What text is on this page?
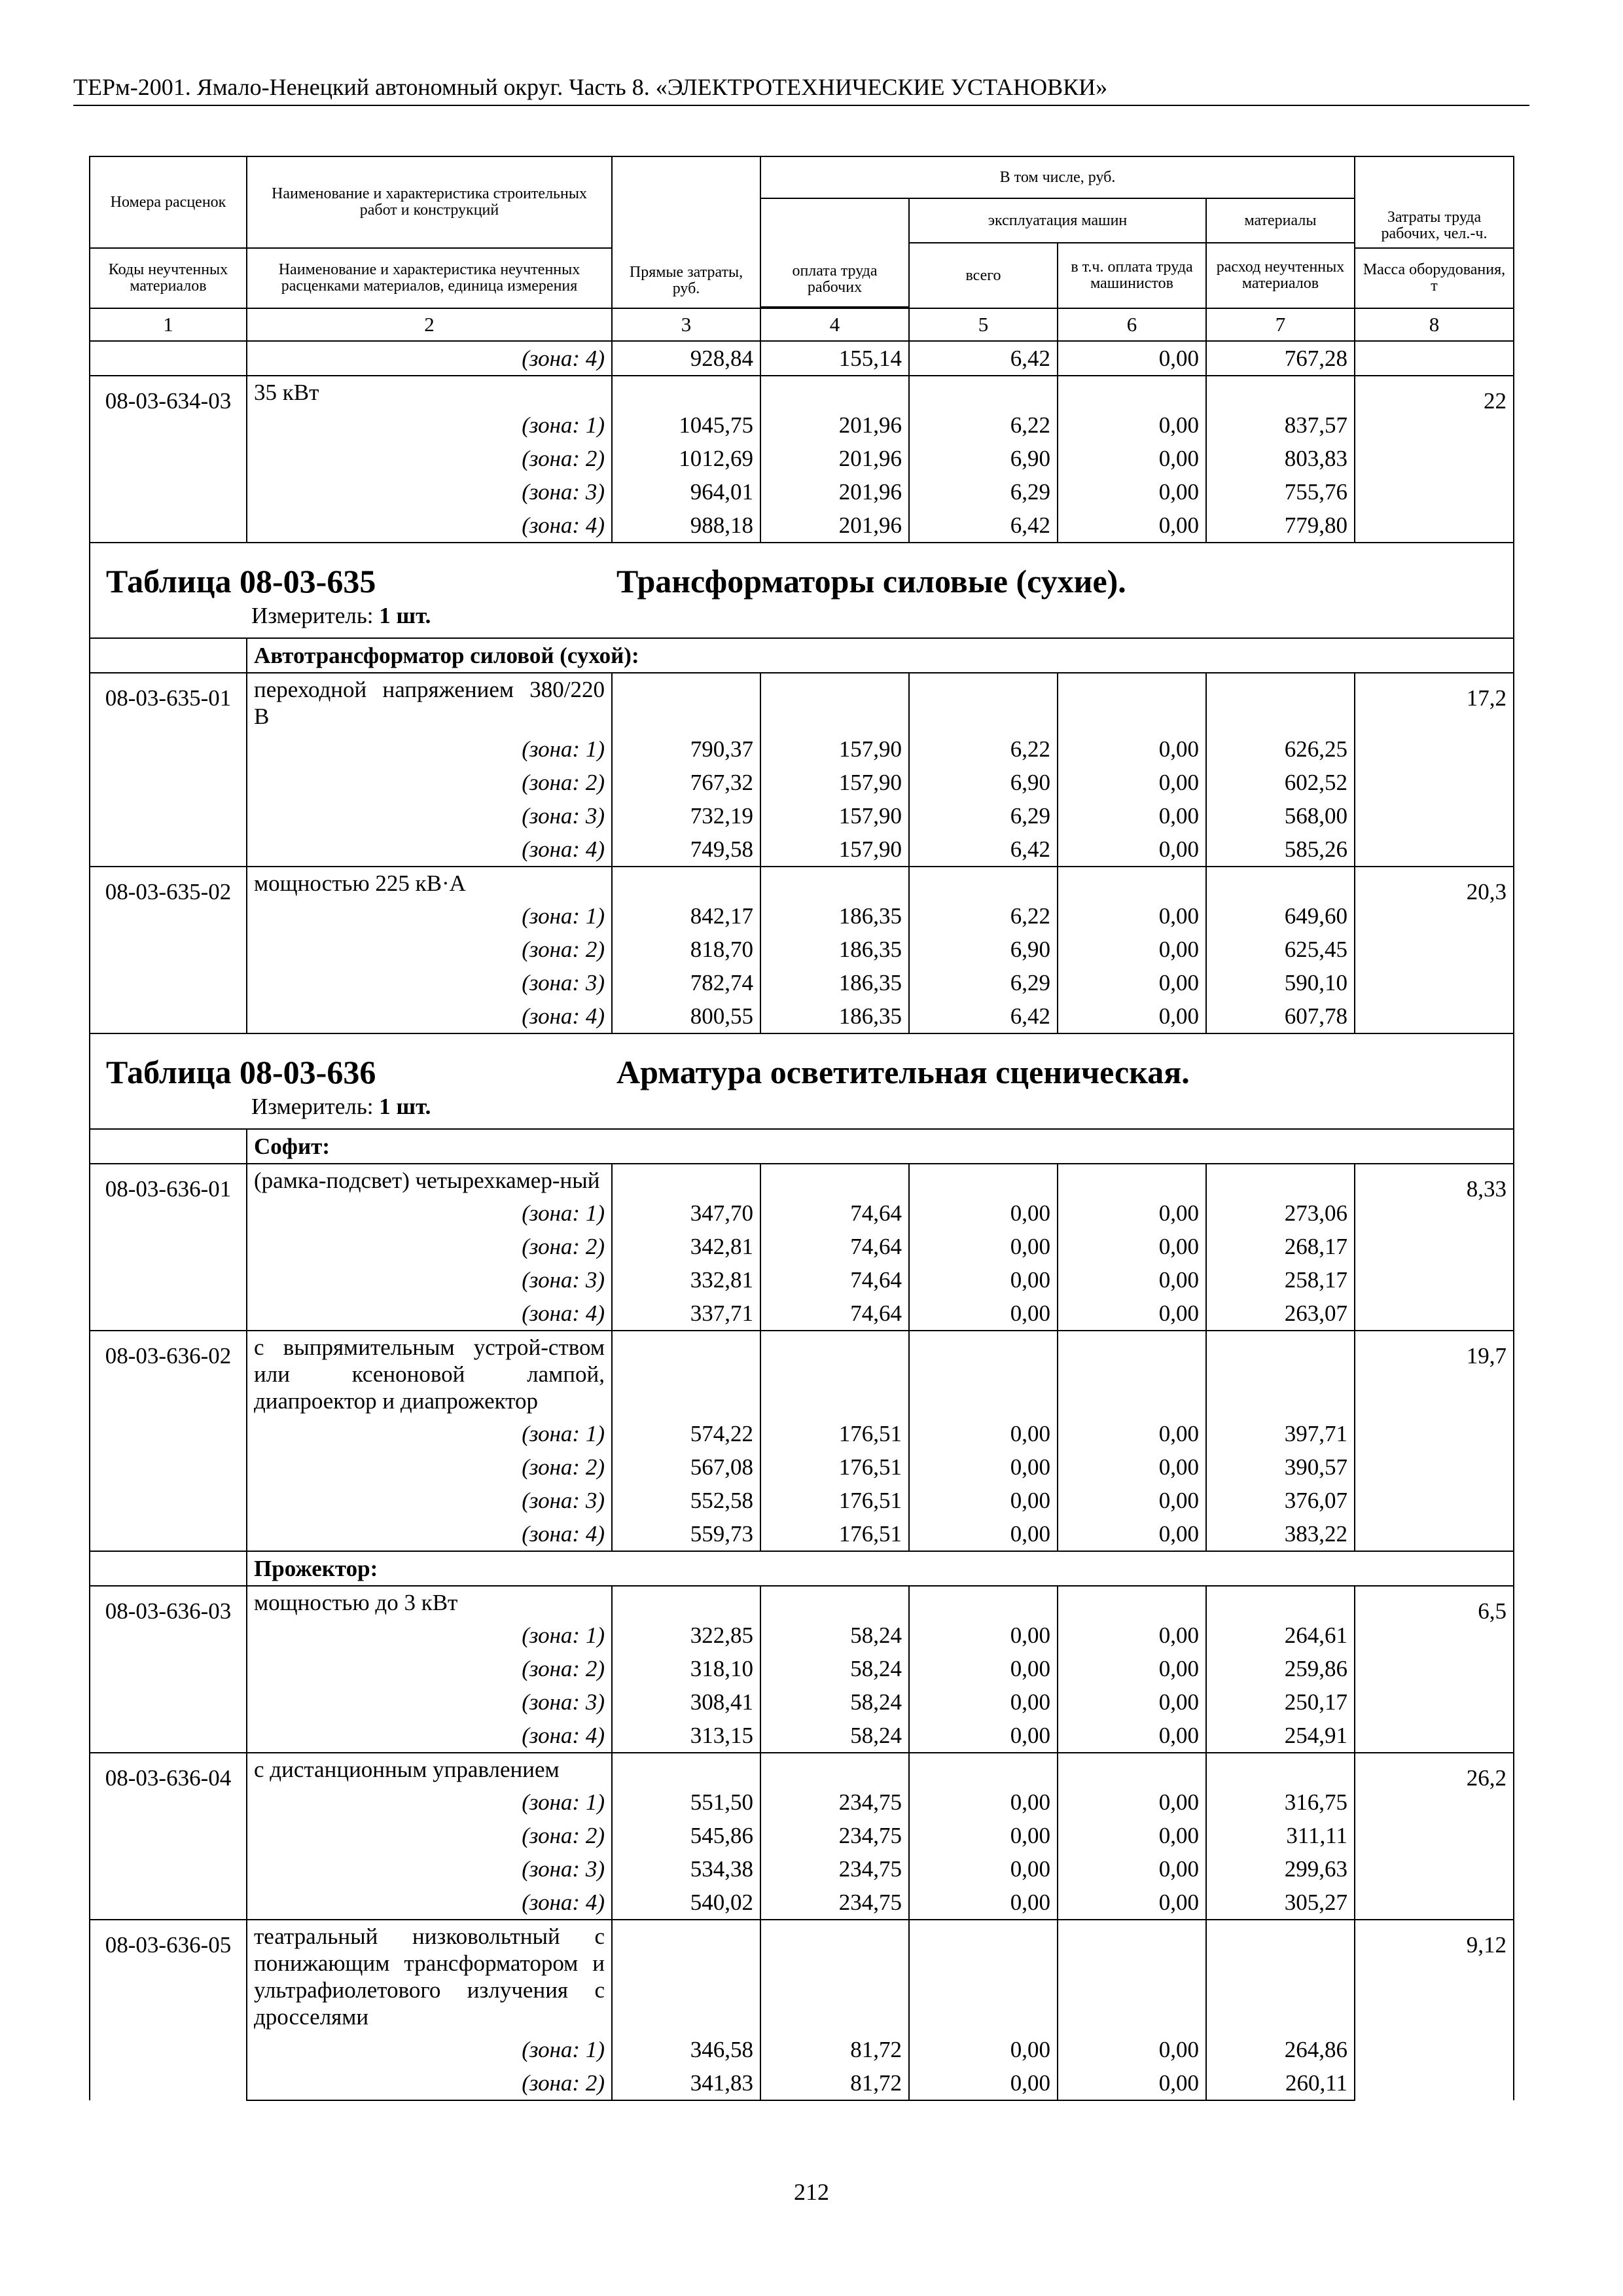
ТЕРм-2001. Ямало-Ненецкий автономный округ. Часть 8. «ЭЛЕКТРОТЕХНИЧЕСКИЕ УСТАНОВКИ»
Номера расценок	Наименование и характеристика строительных работ и конструкций	Прямые затраты, руб.	В том числе, руб.				Затраты труда рабочих, чел.-ч.
			оплата труда рабочих	эксплуатация машин		материалы	
				всего	в т.ч. оплата труда машинистов	расход неучтенных материалов	
Коды неучтенных материалов	Наименование и характеристика неучтенных расценками материалов, единица измерения						Масса оборудования, т

1	2	3	4	5	6	7	8
	(зона: 4)	928,84	155,14	6,42	0,00	767,28	
08-03-634-03	35 кВт						22
	(зона: 1)	1045,75	201,96	6,22	0,00	837,57	
	(зона: 2)	1012,69	201,96	6,90	0,00	803,83	
	(зона: 3)	964,01	201,96	6,29	0,00	755,76	
	(зона: 4)	988,18	201,96	6,42	0,00	779,80	

Таблица 08-03-635 Трансформаторы силовые (сухие).
Измеритель: 1 шт.							

	Автотрансформатор силовой (сухой):						
08-03-635-01	переходной напряжением 380/220 В						17,2
	(зона: 1)	790,37	157,90	6,22	0,00	626,25	
	(зона: 2)	767,32	157,90	6,90	0,00	602,52	
	(зона: 3)	732,19	157,90	6,29	0,00	568,00	
	(зона: 4)	749,58	157,90	6,42	0,00	585,26	
08-03-635-02	мощностью 225 кВ·А						20,3
	(зона: 1)	842,17	186,35	6,22	0,00	649,60	
	(зона: 2)	818,70	186,35	6,90	0,00	625,45	
	(зона: 3)	782,74	186,35	6,29	0,00	590,10	
	(зона: 4)	800,55	186,35	6,42	0,00	607,78	

Таблица 08-03-636 Арматура осветительная сценическая.
Измеритель: 1 шт.							

	Софит:						
08-03-636-01	(рамка-подсвет) четырехкамер-ный						8,33
	(зона: 1)	347,70	74,64	0,00	0,00	273,06	
	(зона: 2)	342,81	74,64	0,00	0,00	268,17	
	(зона: 3)	332,81	74,64	0,00	0,00	258,17	
	(зона: 4)	337,71	74,64	0,00	0,00	263,07	
08-03-636-02	с выпрямительным устрой-ством или ксеноновой лампой, диапроектор и диапрожектор						19,7
	(зона: 1)	574,22	176,51	0,00	0,00	397,71	
	(зона: 2)	567,08	176,51	0,00	0,00	390,57	
	(зона: 3)	552,58	176,51	0,00	0,00	376,07	
	(зона: 4)	559,73	176,51	0,00	0,00	383,22	
	Прожектор:						
08-03-636-03	мощностью до 3 кВт						6,5
	(зона: 1)	322,85	58,24	0,00	0,00	264,61	
	(зона: 2)	318,10	58,24	0,00	0,00	259,86	
	(зона: 3)	308,41	58,24	0,00	0,00	250,17	
	(зона: 4)	313,15	58,24	0,00	0,00	254,91	
08-03-636-04	с дистанционным управлением						26,2
	(зона: 1)	551,50	234,75	0,00	0,00	316,75	
	(зона: 2)	545,86	234,75	0,00	0,00	311,11	
	(зона: 3)	534,38	234,75	0,00	0,00	299,63	
	(зона: 4)	540,02	234,75	0,00	0,00	305,27	
08-03-636-05	театральный низковольтный с понижающим трансформатором и ультрафиолетового излучения с дросселями						9,12
	(зона: 1)	346,58	81,72	0,00	0,00	264,86	
	(зона: 2)	341,83	81,72	0,00	0,00	260,11	
212
